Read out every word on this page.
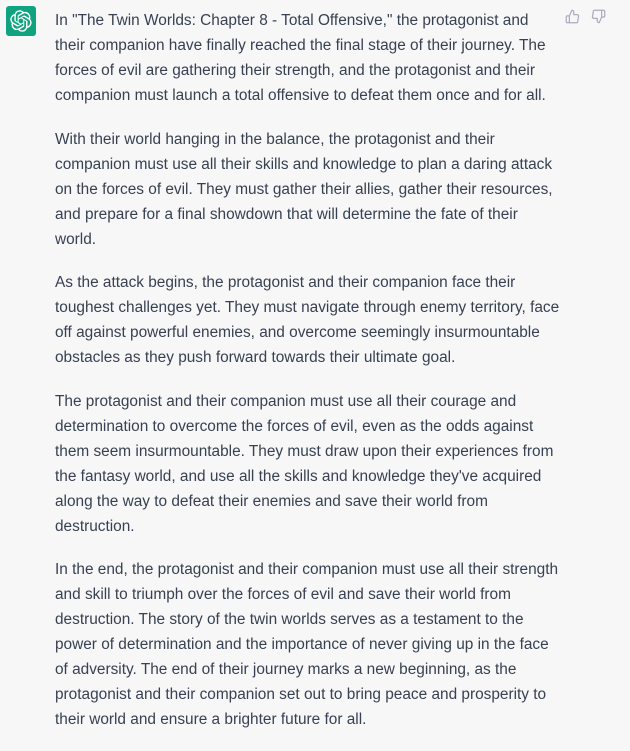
In "The Twin Worlds: Chapter 8 - Total Offensive," the protagonist and their companion have finally reached the final stage of their journey. The forces of evil are gathering their strength, and the protagonist and their companion must launch a total offensive to defeat them once and for all.

With their world hanging in the balance, the protagonist and their companion must use all their skills and knowledge to plan a daring attack on the forces of evil. They must gather their allies, gather their resources, and prepare for a final showdown that will determine the fate of their world.

As the attack begins, the protagonist and their companion face their toughest challenges yet. They must navigate through enemy territory, face off against powerful enemies, and overcome seemingly insurmountable obstacles as they push forward towards their ultimate goal.

The protagonist and their companion must use all their courage and determination to overcome the forces of evil, even as the odds against them seem insurmountable. They must draw upon their experiences from the fantasy world, and use all the skills and knowledge they've acquired along the way to defeat their enemies and save their world from destruction.

In the end, the protagonist and their companion must use all their strength and skill to triumph over the forces of evil and save their world from destruction. The story of the twin worlds serves as a testament to the power of determination and the importance of never giving up in the face of adversity. The end of their journey marks a new beginning, as the protagonist and their companion set out to bring peace and prosperity to their world and ensure a brighter future for all.
